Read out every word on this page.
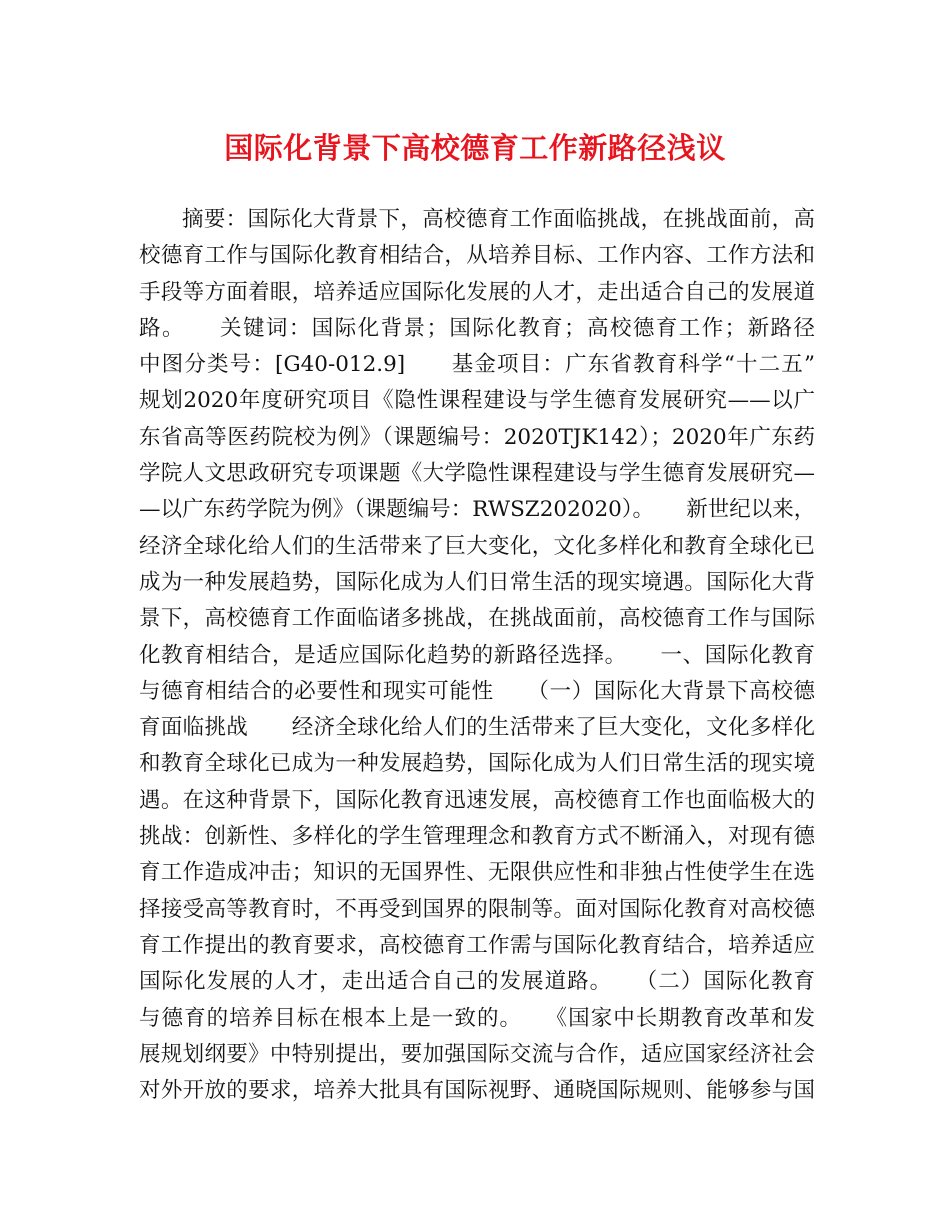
国际化背景下高校德育工作新路径浅议
摘要：国际化大背景下，高校德育工作面临挑战，在挑战面前，高
校德育工作与国际化教育相结合，从培养目标、工作内容、工作方法和
手段等方面着眼，培养适应国际化发展的人才，走出适合自己的发展道
路。　　关键词：国际化背景；国际化教育；高校德育工作；新路径
中图分类号：[G40-012.9]　　基金项目：广东省教育科学“十二五”
规划2020年度研究项目《隐性课程建设与学生德育发展研究——以广
东省高等医药院校为例》（课题编号：2020TJK142）；2020年广东药
学院人文思政研究专项课题《大学隐性课程建设与学生德育发展研究—
—以广东药学院为例》（课题编号：RWSZ202020）。　　新世纪以来，
经济全球化给人们的生活带来了巨大变化，文化多样化和教育全球化已
成为一种发展趋势，国际化成为人们日常生活的现实境遇。国际化大背
景下，高校德育工作面临诸多挑战，在挑战面前，高校德育工作与国际
化教育相结合，是适应国际化趋势的新路径选择。　　一、国际化教育
与德育相结合的必要性和现实可能性　　（一）国际化大背景下高校德
育面临挑战　　经济全球化给人们的生活带来了巨大变化，文化多样化
和教育全球化已成为一种发展趋势，国际化成为人们日常生活的现实境
遇。在这种背景下，国际化教育迅速发展，高校德育工作也面临极大的
挑战：创新性、多样化的学生管理理念和教育方式不断涌入，对现有德
育工作造成冲击；知识的无国界性、无限供应性和非独占性使学生在选
择接受高等教育时，不再受到国界的限制等。面对国际化教育对高校德
育工作提出的教育要求，高校德育工作需与国际化教育结合，培养适应
国际化发展的人才，走出适合自己的发展道路。　　（二）国际化教育
与德育的培养目标在根本上是一致的。　　《国家中长期教育改革和发
展规划纲要》中特别提出，要加强国际交流与合作，适应国家经济社会
对外开放的要求，培养大批具有国际视野、通晓国际规则、能够参与国
